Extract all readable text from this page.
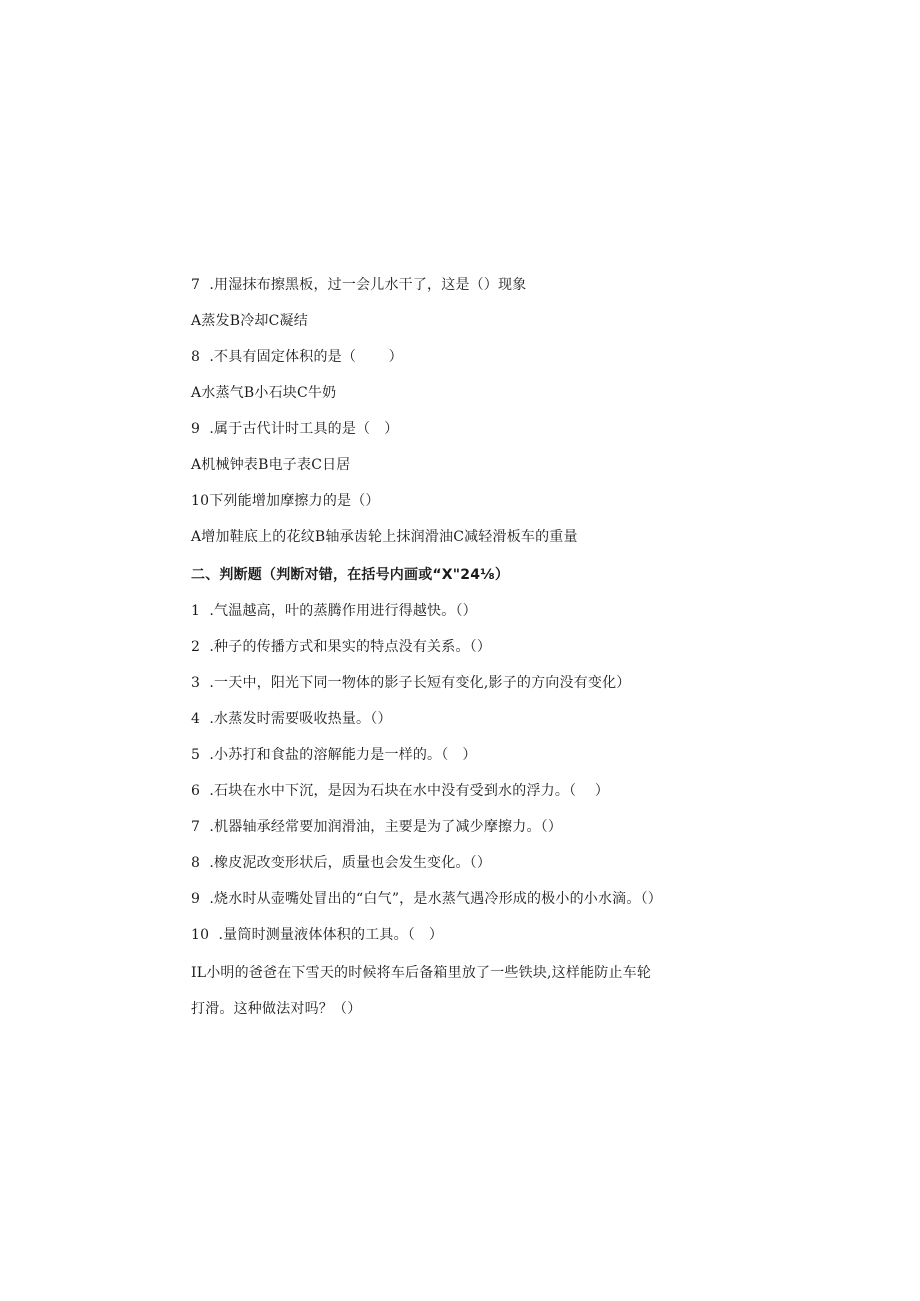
7  .用湿抹布擦黑板，过一会儿水干了，这是（）现象
A蒸发B冷却C凝结
8  .不具有固定体积的是（       ）
A水蒸气B小石块C牛奶
9  .属于古代计时工具的是（   ）
A机械钟表B电子表C日居
10下列能增加摩擦力的是（）
A增加鞋底上的花纹B轴承齿轮上抹润滑油C减轻滑板车的重量
二、判断题（判断对错，在括号内画或“X"24⅛）
1  .气温越高，叶的蒸腾作用进行得越快。（）
2  .种子的传播方式和果实的特点没有关系。（）
3  .一天中，阳光下同一物体的影子长短有变化,影子的方向没有变化）
4  .水蒸发时需要吸收热量。（）
5  .小苏打和食盐的溶解能力是一样的。（   ）
6  .石块在水中下沉，是因为石块在水中没有受到水的浮力。（    ）
7  .机器轴承经常要加润滑油，主要是为了减少摩擦力。（）
8  .橡皮泥改变形状后，质量也会发生变化。（）
9  .烧水时从壶嘴处冒出的“白气”，是水蒸气遇冷形成的极小的小水滴。（）
10  .量筒时测量液体体积的工具。（   ）
IL小明的爸爸在下雪天的时候将车后备箱里放了一些铁块,这样能防止车轮
打滑。这种做法对吗？（）
